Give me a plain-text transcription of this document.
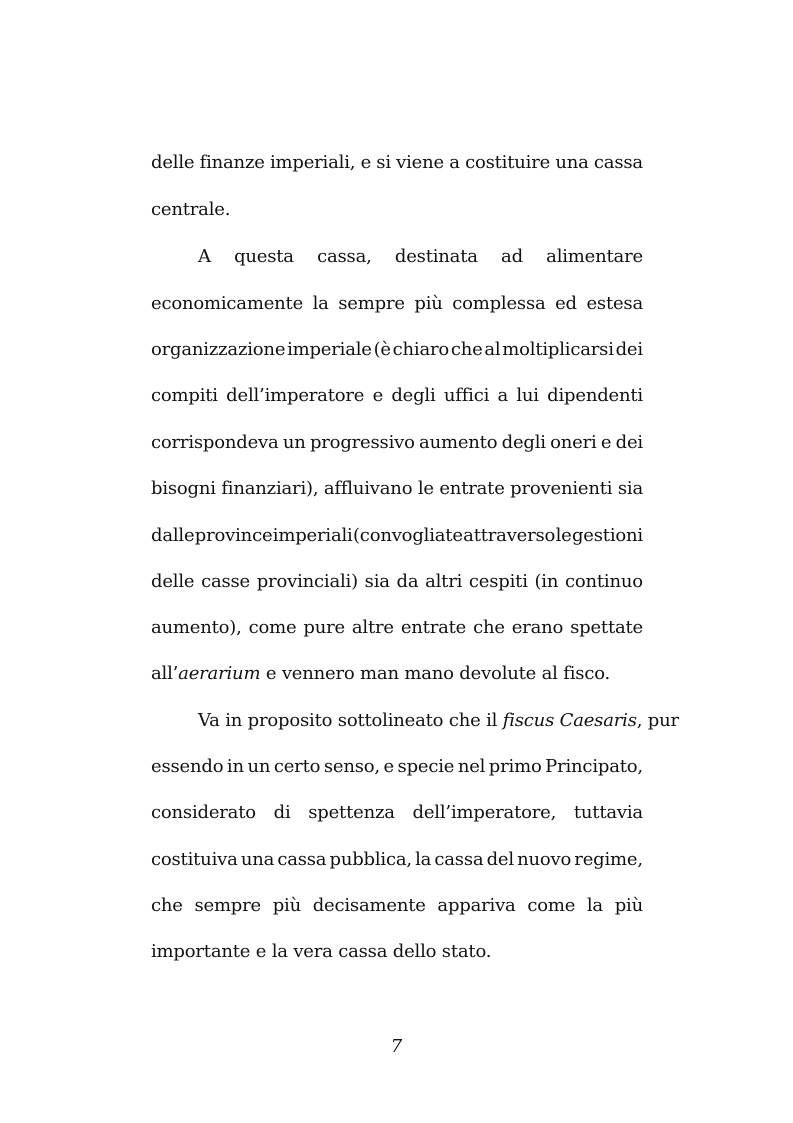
delle finanze imperiali, e si viene a costituire una cassa
centrale.
A questa cassa, destinata ad alimentare
economicamente la sempre più complessa ed estesa
organizzazione imperiale (è chiaro che al moltiplicarsi dei
compiti dell’imperatore e degli uffici a lui dipendenti
corrispondeva un progressivo aumento degli oneri e dei
bisogni finanziari), affluivano le entrate provenienti sia
dalle province imperiali (convogliate attraverso le gestioni
delle casse provinciali) sia da altri cespiti (in continuo
aumento), come pure altre entrate che erano spettate
all’aerarium e vennero man mano devolute al fisco.
Va in proposito sottolineato che il fiscus Caesaris, pur
essendo in un certo senso, e specie nel primo Principato,
considerato di spettenza dell’imperatore, tuttavia
costituiva una cassa pubblica, la cassa del nuovo regime,
che sempre più decisamente appariva come la più
importante e la vera cassa dello stato.
7
